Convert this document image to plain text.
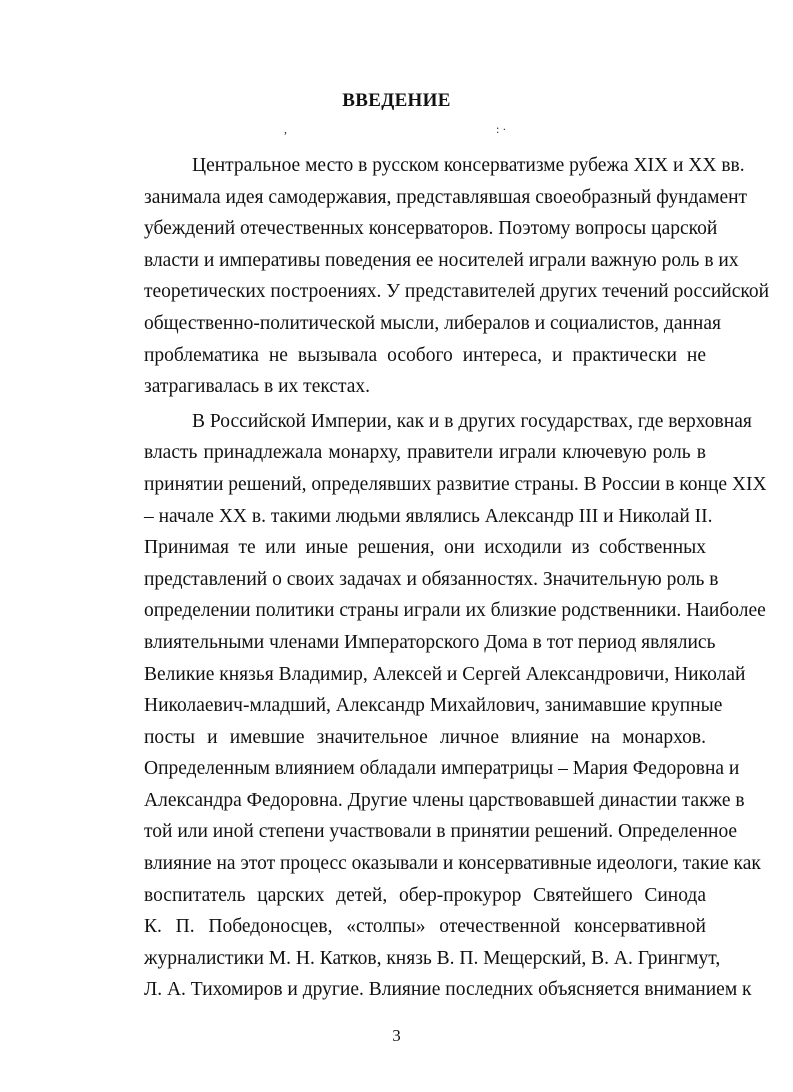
ВВЕДЕНИЕ
,	: ·
Центральное место в русском консерватизме рубежа XIX и XX вв.
занимала идея самодержавия, представлявшая своеобразный фундамент
убеждений отечественных консерваторов. Поэтому вопросы царской
власти и императивы поведения ее носителей играли важную роль в их
теоретических построениях. У представителей других течений российской
общественно-политической мысли, либералов и социалистов, данная
проблематика не вызывала особого интереса, и практически не
затрагивалась в их текстах.
В Российской Империи, как и в других государствах, где верховная
власть принадлежала монарху, правители играли ключевую роль в
принятии решений, определявших развитие страны. В России в конце XIX
– начале XX в. такими людьми являлись Александр III и Николай II.
Принимая те или иные решения, они исходили из собственных
представлений о своих задачах и обязанностях. Значительную роль в
определении политики страны играли их близкие родственники. Наиболее
влиятельными членами Императорского Дома в тот период являлись
Великие князья Владимир, Алексей и Сергей Александровичи, Николай
Николаевич-младший, Александр Михайлович, занимавшие крупные
посты и имевшие значительное личное влияние на монархов.
Определенным влиянием обладали императрицы – Мария Федоровна и
Александра Федоровна. Другие члены царствовавшей династии также в
той или иной степени участвовали в принятии решений. Определенное
влияние на этот процесс оказывали и консервативные идеологи, такие как
воспитатель царских детей, обер-прокурор Святейшего Синода
К. П. Победоносцев, «столпы» отечественной консервативной
журналистики М. Н. Катков, князь В. П. Мещерский, В. А. Грингмут,
Л. А. Тихомиров и другие. Влияние последних объясняется вниманием к
3
